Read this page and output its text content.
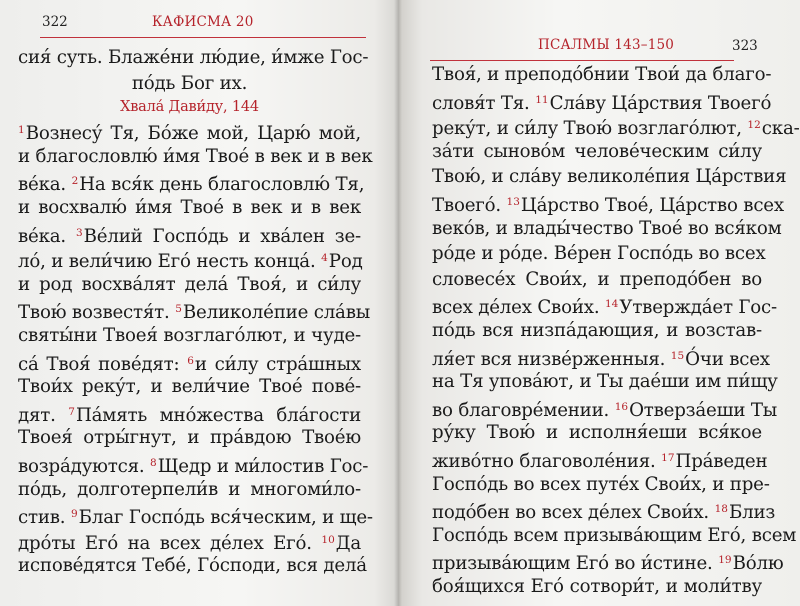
322	КАФИСМА 20
сия́ суть. Блаже́ни лю́дие, и́мже Гос-
по́дь Бог их.
Хвала́ Дави́ду, 144
$^1$Вознесу́ Тя, Бо́же мой, Царю́ мой,
и благословлю́ и́мя Твое́ в век и в век
ве́ка. $^2$На вся́к день благословлю́ Тя,
и восхвалю́ и́мя Твое́ в век и в век
ве́ка. $^3$Ве́лий Госпо́дь и хва́лен зе-
ло́, и вели́чию Его́ несть конца́. $^4$Род
и род восхва́лят дела́ Твоя́, и си́лу
Твою́ возвестя́т. $^5$Великоле́пие сла́вы
святы́ни Твоея́ возглаго́лют, и чуде-
са́ Твоя́ пове́дят: $^6$и си́лу стра́шных
Твои́х реку́т, и вели́чие Твое́ пове́-
дят. $^7$Па́мять мно́жества бла́гости
Твоея́ отры́гнут, и пра́вдою Твое́ю
возра́дуются. $^8$Щедр и ми́лостив Гос-
по́дь, долготерпели́в и многоми́ло-
стив. $^9$Благ Госпо́дь вся́ческим, и ще-
дро́ты Его́ на всех де́лех Его́. $^{10}$Да
испове́дятся Тебе́, Го́споди, вся дела́
ПСАЛМЫ 143–150	323
Твоя́, и преподо́бнии Твои́ да благо-
словя́т Тя. $^{11}$Сла́ву Ца́рствия Твоего́
реку́т, и си́лу Твою́ возглаго́лют, $^{12}$ска-
за́ти сыново́м челове́ческим си́лу
Твою́, и сла́ву великоле́пия Ца́рствия
Твоего́. $^{13}$Ца́рство Твое́, Ца́рство всех
веко́в, и влады́чество Твое́ во вся́ком
ро́де и ро́де. Ве́рен Госпо́дь во всех
словесе́х Свои́х, и преподо́бен во
всех де́лех Свои́х. $^{14}$Утвержда́ет Гос-
по́дь вся низпа́дающия, и возстав-
ля́ет вся низве́рженныя. $^{15}$О́чи всех
на Тя упова́ют, и Ты дае́ши им пи́щу
во благовре́мении. $^{16}$Отверза́еши Ты
ру́ку Твою́ и исполня́еши вся́кое
живо́тно благоволе́ния. $^{17}$Пра́веден
Госпо́дь во всех путе́х Свои́х, и пре-
подо́бен во всех де́лех Свои́х. $^{18}$Близ
Госпо́дь всем призыва́ющим Его́, всем
призыва́ющим Его́ во и́стине. $^{19}$Во́лю
боя́щихся Его́ сотвори́т, и моли́тву
